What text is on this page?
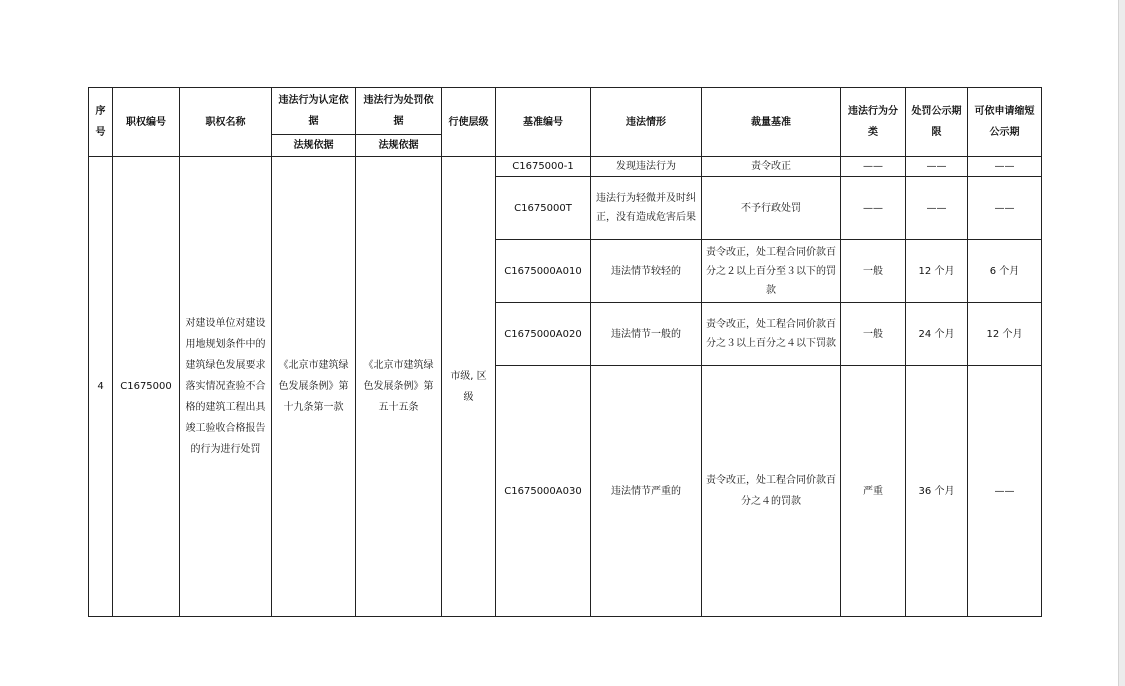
序号	职权编号	职权名称	违法行为认定依据	违法行为处罚依据	行使层级	基准编号	违法情形	裁量基准	违法行为分类	处罚公示期限	可依申请缩短公示期
			法规依据	法规依据							
4	C1675000	对建设单位对建设用地规划条件中的建筑绿色发展要求落实情况查验不合格的建筑工程出具竣工验收合格报告的行为进行处罚	《北京市建筑绿色发展条例》第十九条第一款	《北京市建筑绿色发展条例》第五十五条	市级, 区级	C1675000-1	发现违法行为	责令改正	——	——	——
						C1675000T	违法行为轻微并及时纠正，没有造成危害后果	不予行政处罚	——	——	——
						C1675000A010	违法情节较轻的	责令改正，处工程合同价款百分之２以上百分至３以下的罚款	一般	12 个月	6 个月
						C1675000A020	违法情节一般的	责令改正，处工程合同价款百分之３以上百分之４以下罚款	一般	24 个月	12 个月
						C1675000A030	违法情节严重的	责令改正，处工程合同价款百分之４的罚款	严重	36 个月	——
